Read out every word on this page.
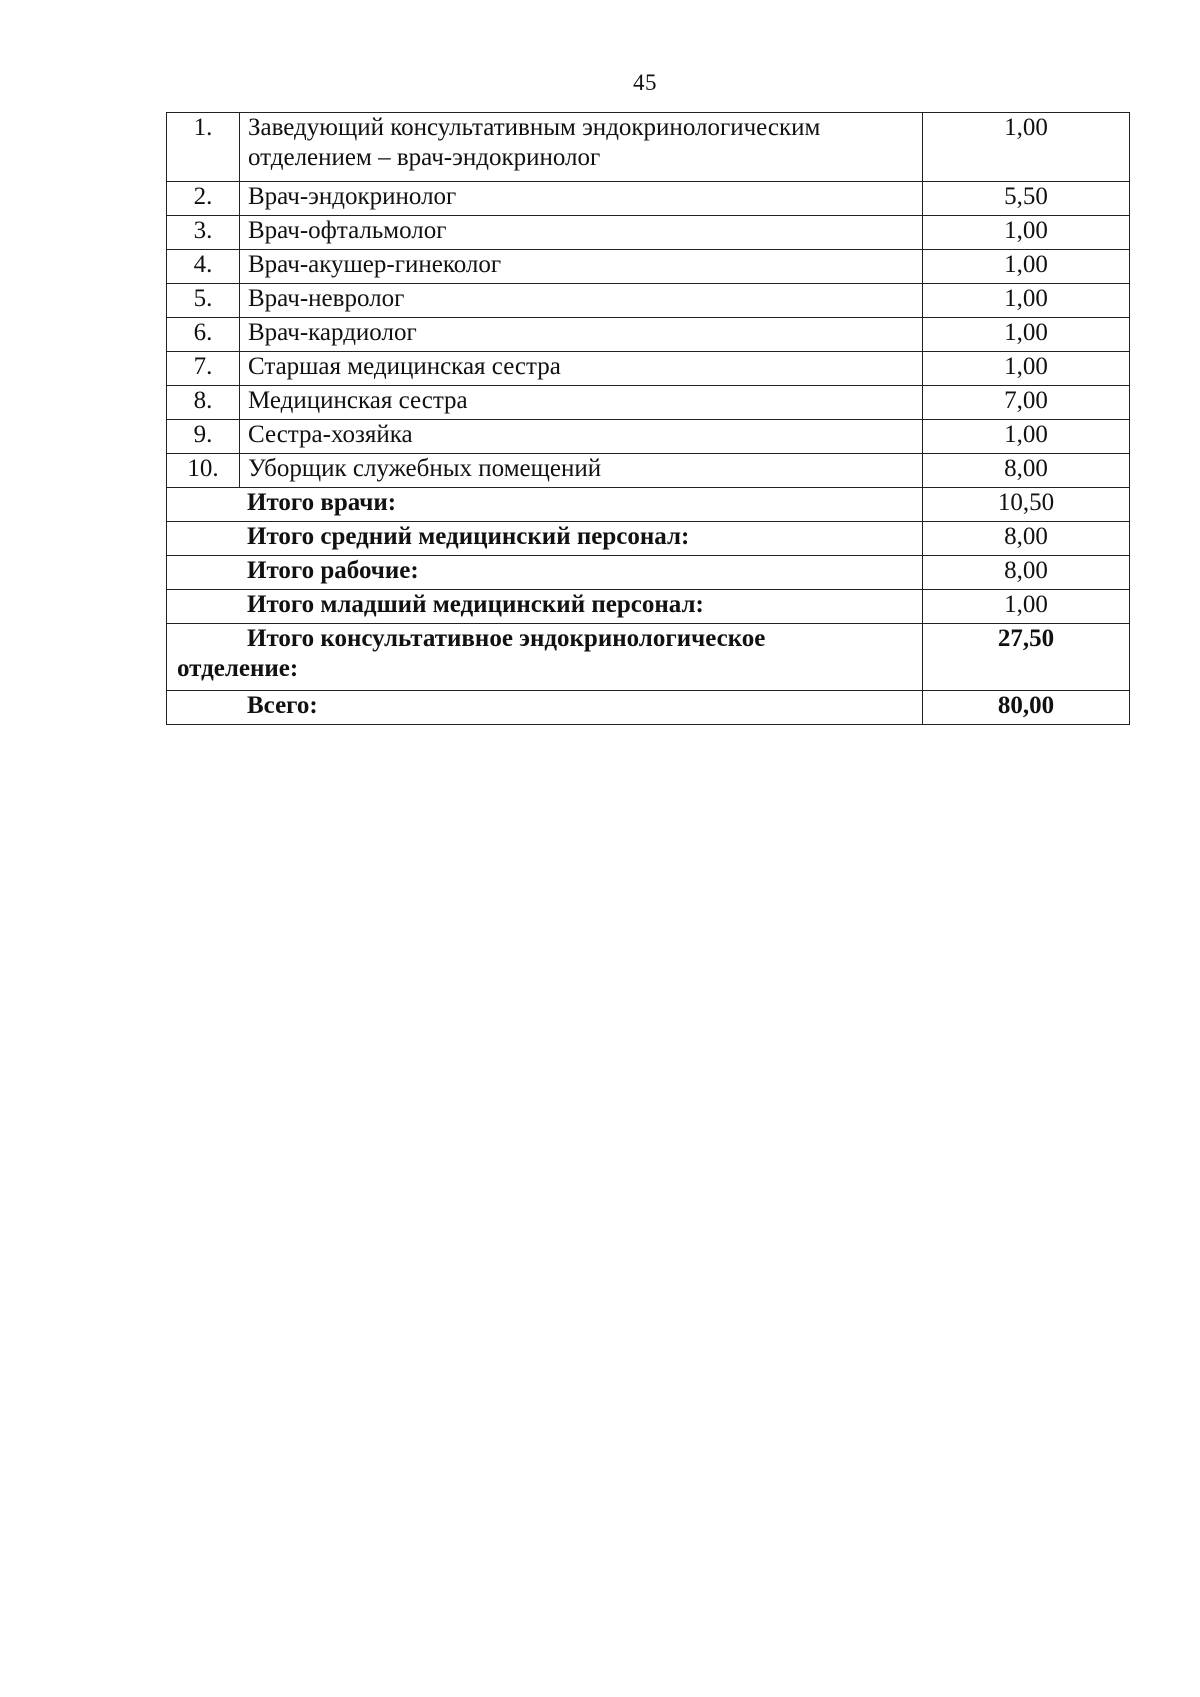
45
1.	Заведующий консультативным эндокринологическим отделением – врач-эндокринолог	1,00
2.	Врач-эндокринолог	5,50
3.	Врач-офтальмолог	1,00
4.	Врач-акушер-гинеколог	1,00
5.	Врач-невролог	1,00
6.	Врач-кардиолог	1,00
7.	Старшая медицинская сестра	1,00
8.	Медицинская сестра	7,00
9.	Сестра-хозяйка	1,00
10.	Уборщик служебных помещений	8,00
Итого врачи:		10,50
Итого средний медицинский персонал:		8,00
Итого рабочие:		8,00
Итого младший медицинский персонал:		1,00

Итого консультативное эндокринологическое
отделение:		27,50
Всего:		80,00
